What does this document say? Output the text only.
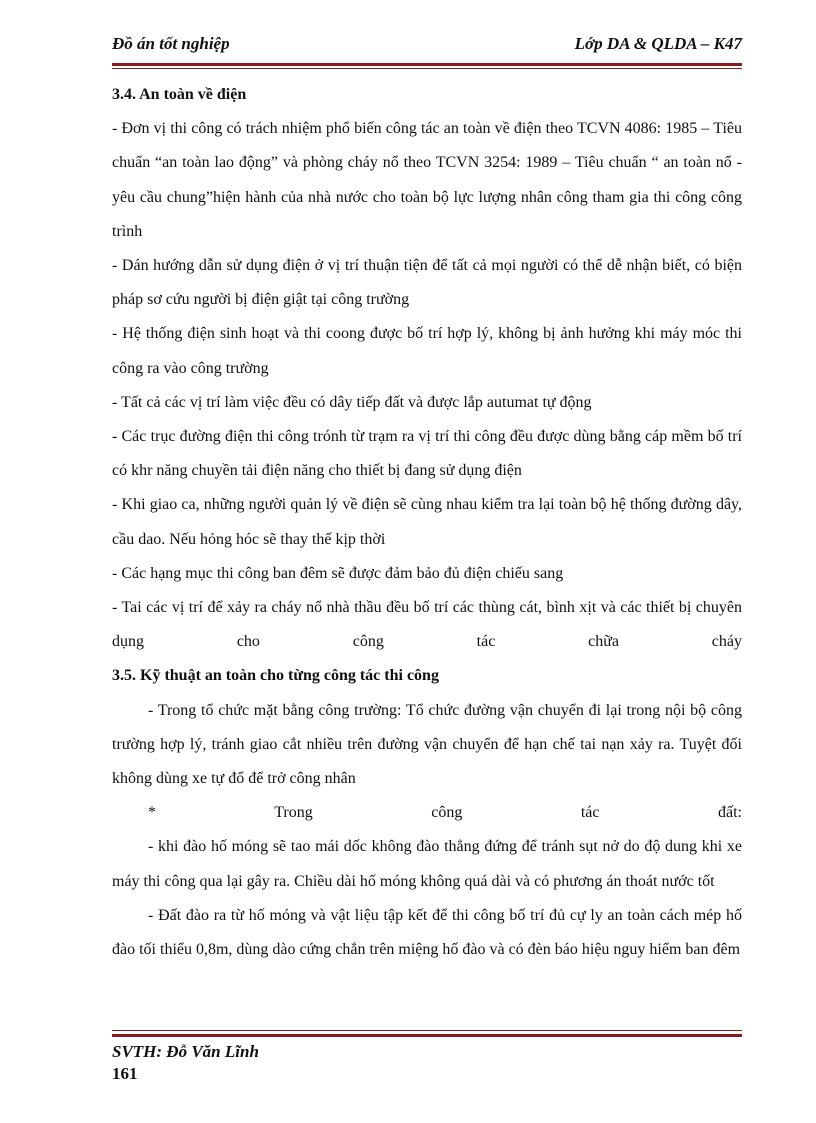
Đồ án tốt nghiệp	Lớp DA & QLDA – K47

3.4. An toàn về điện

- Đơn vị thi công có trách nhiệm phổ biến công tác an toàn về điện theo TCVN 4086: 1985 – Tiêu chuẩn “an toàn lao động” và phòng cháy nổ theo TCVN 3254: 1989 – Tiêu chuẩn “ an toàn nổ - yêu cầu chung”hiện hành của nhà nước cho toàn bộ lực lượng nhân công tham gia thi công công trình

- Dán hướng dẫn sử dụng điện ở vị trí thuận tiện để tất cả mọi người có thể dễ nhận biết, có biện pháp sơ cứu người bị điện giật tại công trường

- Hệ thống điện sinh hoạt và thi coong được bố trí hợp lý, không bị ảnh hưởng khi máy móc thi công ra vào công trường

- Tất cả các vị trí làm việc đều có dây tiếp đất và được lắp autumat tự động

- Các trục đường điện thi công trónh từ trạm ra vị trí thi công đều được dùng bằng cáp mềm bố trí có khr năng chuyền tải điện năng cho thiết bị đang sử dụng điện

- Khi giao ca, những người quản lý về điện sẽ cùng nhau kiểm tra lại toàn bộ hệ thống đường dây, cầu dao. Nếu hỏng hóc sẽ thay thế kịp thời

- Các hạng mục thi công ban đêm sẽ được đảm bảo đủ điện chiếu sang

- Tai các vị trí để xảy ra cháy nổ nhà thầu đều bố trí các thùng cát, bình xịt và các thiết bị chuyên dụng cho công tác chữa cháy

3.5. Kỹ thuật an toàn cho từng công tác thi công

- Trong tổ chức mặt bằng công trường: Tổ chức đường vận chuyển đi lại trong nội bộ công trường hợp lý, tránh giao cắt nhiều trên đường vận chuyển để hạn chế tai nạn xảy ra. Tuyệt đối không dùng xe tự đổ để trở công nhân

* Trong công tác đất:

- khi đào hố móng sẽ tao mái dốc không đào thẳng đứng để tránh sụt nở do độ dung khi xe máy thi công qua lại gây ra. Chiều dài hố móng không quá dài và có phương án thoát nước tốt

- Đất đào ra từ hố móng và vật liệu tập kết để thi công bố trí đủ cự ly an toàn cách mép hố đào tối thiểu 0,8m, dùng dào cứng chắn trên miệng hố đào và có đèn báo hiệu nguy hiểm ban đêm

SVTH: Đỗ Văn Lĩnh
161
